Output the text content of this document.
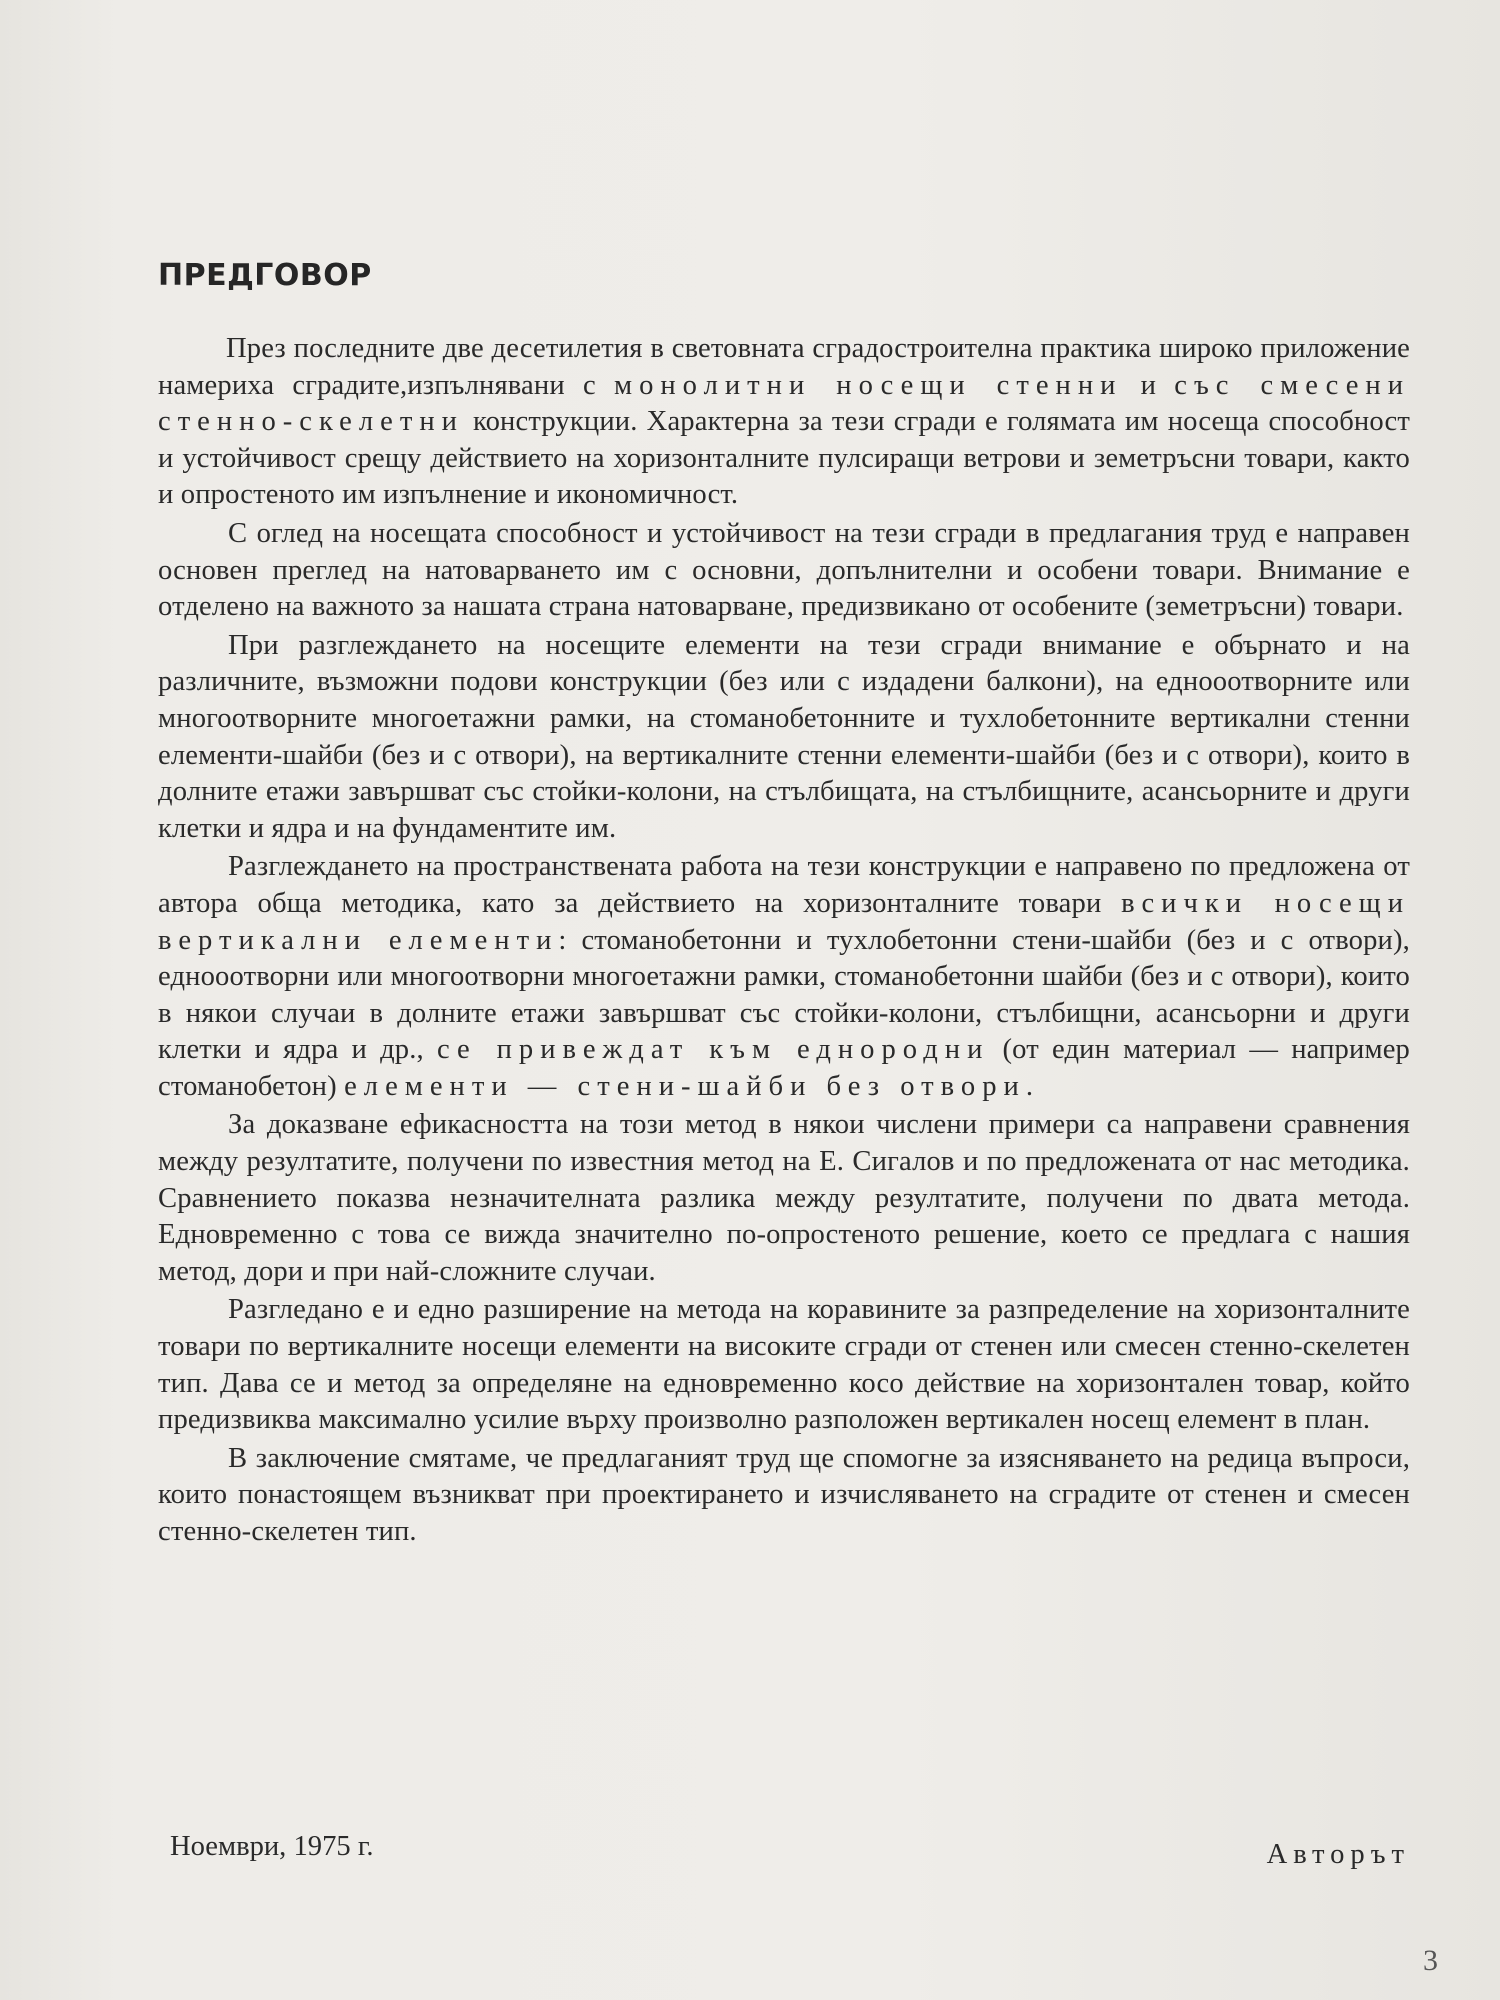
ПРЕДГОВОР

През последните две десетилетия в световната сградостроителна практика широко приложение намериха сградите,изпълнявани с монолитни носещи стенни и със смесени стенно-скелетни конструкции. Характерна за тези сгради е голямата им носеща способност и устойчивост срещу действието на хоризонталните пулсиращи ветрови и земетръсни товари, както и опростеното им изпълнение и икономичност.

С оглед на носещата способност и устойчивост на тези сгради в предлагания труд е направен основен преглед на натоварването им с основни, допълнителни и особени товари. Внимание е отделено на важното за нашата страна натоварване, предизвикано от особените (земетръсни) товари.

При разглеждането на носещите елементи на тези сгради внимание е обърнато и на различните, възможни подови конструкции (без или с издадени балкони), на еднооотворните или многоотворните многоетажни рамки, на стоманобетонните и тухлобетонните вертикални стенни елементи-шайби (без и с отвори), на вертикалните стенни елементи-шайби (без и с отвори), които в долните етажи завършват със стойки-колони, на стълбищата, на стълбищните, асансьорните и други клетки и ядра и на фундаментите им.

Разглеждането на пространствената работа на тези конструкции е направено по предложена от автора обща методика, като за действието на хоризонталните товари всички носещи вертикални елементи: стоманобетонни и тухлобетонни стени-шайби (без и с отвори), еднооотворни или многоотворни многоетажни рамки, стоманобетонни шайби (без и с отвори), които в някои случаи в долните етажи завършват със стойки-колони, стълбищни, асансьорни и други клетки и ядра и др., се привеждат към еднородни (от един материал — например стоманобетон) елементи — стени-шайби без отвори.

За доказване ефикасността на този метод в някои числени примери са направени сравнения между резултатите, получени по известния метод на Е. Сигалов и по предложената от нас методика. Сравнението показва незначителната разлика между резултатите, получени по двата метода. Едновременно с това се вижда значително по-опростеното решение, което се предлага с нашия метод, дори и при най-сложните случаи.

Разгледано е и едно разширение на метода на коравините за разпределение на хоризонталните товари по вертикалните носещи елементи на високите сгради от стенен или смесен стенно-скелетен тип. Дава се и метод за определяне на едновременно косо действие на хоризонтален товар, който предизвиква максимално усилие върху произволно разположен вертикален носещ елемент в план.

В заключение смятаме, че предлаганият труд ще спомогне за изясняването на редица въпроси, които понастоящем възникват при проектирането и изчисляването на сградите от стенен и смесен стенно-скелетен тип.

Ноември, 1975 г.	Авторът
3
